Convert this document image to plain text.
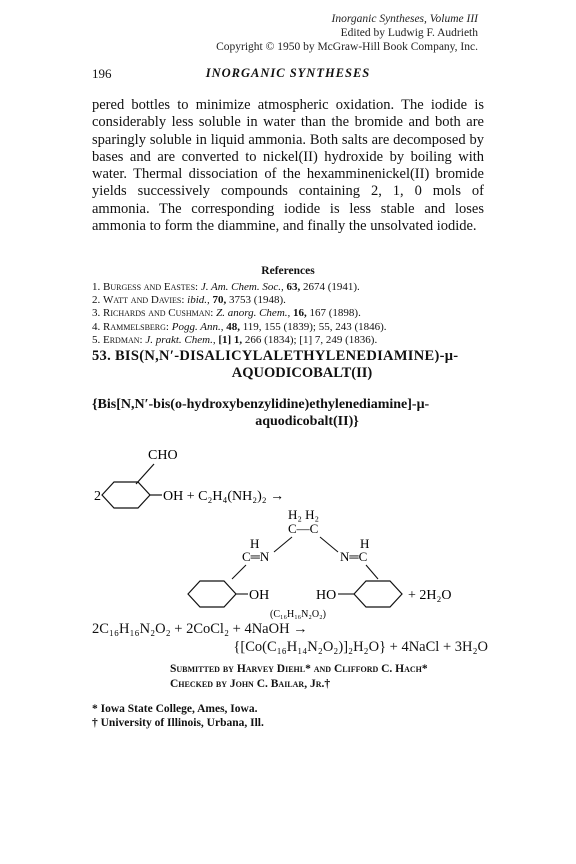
Inorganic Syntheses, Volume III
Edited by Ludwig F. Audrieth
Copyright © 1950 by McGraw-Hill Book Company, Inc.
196	INORGANIC SYNTHESES

pered bottles to minimize atmospheric oxidation. The iodide is considerably less soluble in water than the bromide and both are sparingly soluble in liquid ammonia. Both salts are decomposed by bases and are converted to nickel(II) hydroxide by boiling with water. Thermal dissociation of the hexamminenickel(II) bromide yields successively compounds containing 2, 1, 0 mols of ammonia. The corresponding iodide is less stable and loses ammonia to form the diammine, and finally the unsolvated iodide.

References
1. Burgess and Eastes: J. Am. Chem. Soc., 63, 2674 (1941).
2. Watt and Davies: ibid., 70, 3753 (1948).
3. Richards and Cushman: Z. anorg. Chem., 16, 167 (1898).
4. Rammelsberg: Pogg. Ann., 48, 119, 155 (1839); 55, 243 (1846).
5. Erdman: J. prakt. Chem., [1] 1, 266 (1834); [1] 7, 249 (1836).
53. BIS(N,N′-DISALICYLALETHYLENEDIAMINE)-μ-
AQUODICOBALT(II)
{Bis[N,N′-bis(o-hydroxybenzylidine)ethylenediamine]-μ-
aquodicobalt(II)}
CHO
2	OH + C₂H₄(NH₂)₂ →
H₂ H₂
C—C
H	H
C═N	N═C
OH	HO	+ 2H₂O
(C₁₆H₁₆N₂O₂)
2C₁₆H₁₆N₂O₂ + 2CoCl₂ + 4NaOH →
{[Co(C₁₆H₁₄N₂O₂)]₂H₂O} + 4NaCl + 3H₂O
Submitted by Harvey Diehl* and Clifford C. Hach*
Checked by John C. Bailar, Jr.†
* Iowa State College, Ames, Iowa.
† University of Illinois, Urbana, Ill.
